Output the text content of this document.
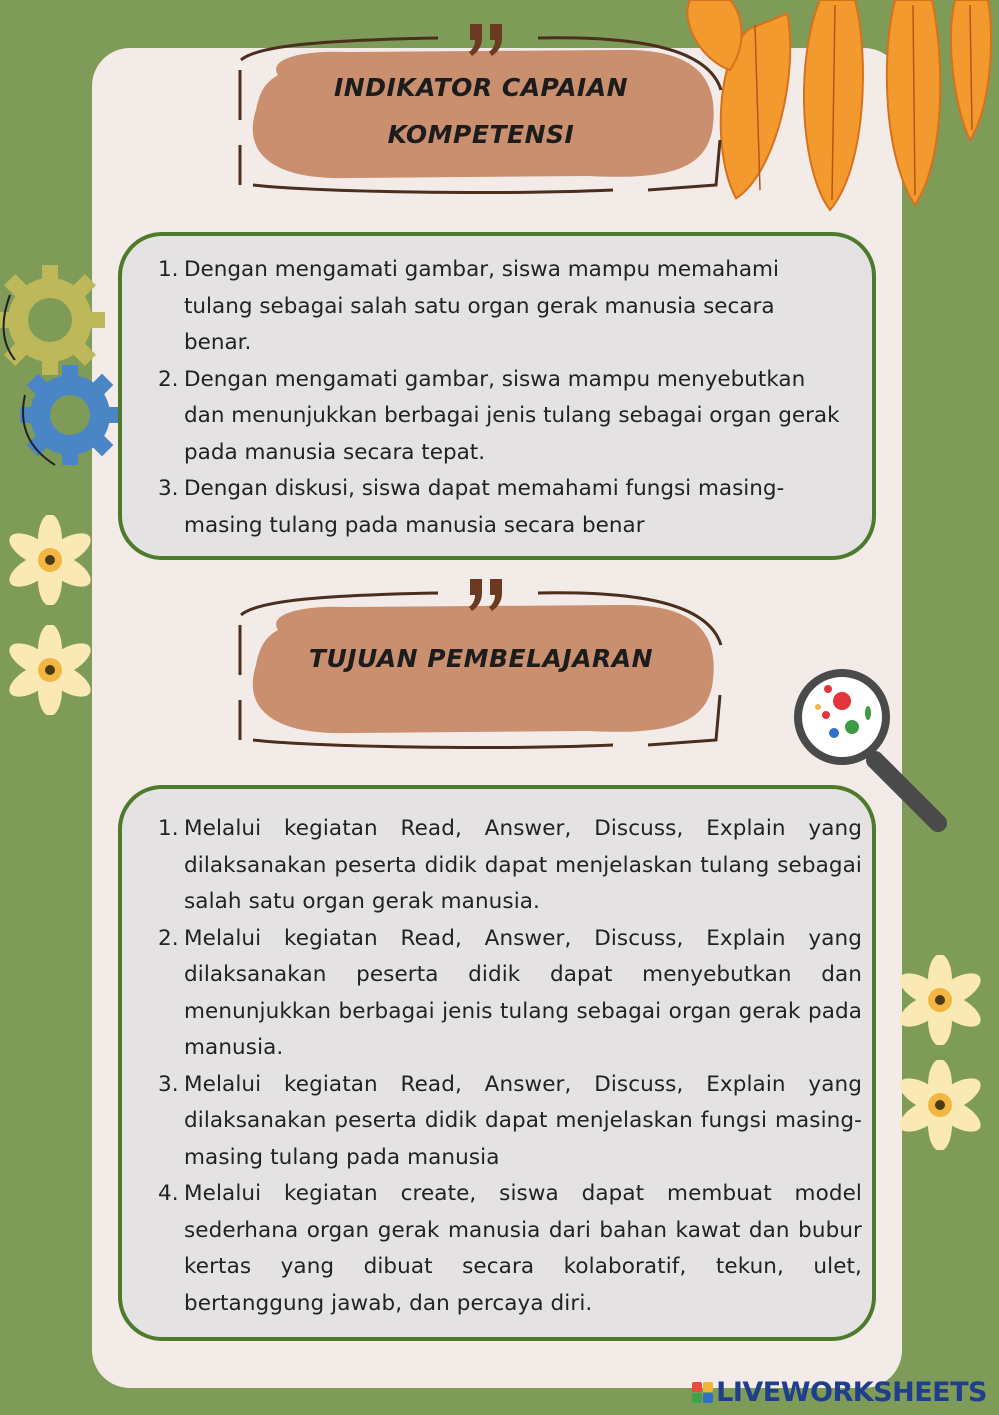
INDIKATOR CAPAIAN
KOMPETENSI
1. Dengan mengamati gambar, siswa mampu memahami tulang sebagai salah satu organ gerak manusia secara benar.
2. Dengan mengamati gambar, siswa mampu menyebutkan dan menunjukkan berbagai jenis tulang sebagai organ gerak pada manusia secara tepat.
3. Dengan diskusi, siswa dapat memahami fungsi masing-masing tulang pada manusia secara benar
TUJUAN PEMBELAJARAN
1. Melalui kegiatan Read, Answer, Discuss, Explain yang dilaksanakan peserta didik dapat menjelaskan tulang sebagai salah satu organ gerak manusia.
2. Melalui kegiatan Read, Answer, Discuss, Explain yang dilaksanakan peserta didik dapat menyebutkan dan menunjukkan berbagai jenis tulang sebagai organ gerak pada manusia.
3. Melalui kegiatan Read, Answer, Discuss, Explain yang dilaksanakan peserta didik dapat menjelaskan fungsi masing-masing tulang pada manusia
4. Melalui kegiatan create, siswa dapat membuat model sederhana organ gerak manusia dari bahan kawat dan bubur kertas yang dibuat secara kolaboratif, tekun, ulet, bertanggung jawab, dan percaya diri.
LIVEWORKSHEETS
